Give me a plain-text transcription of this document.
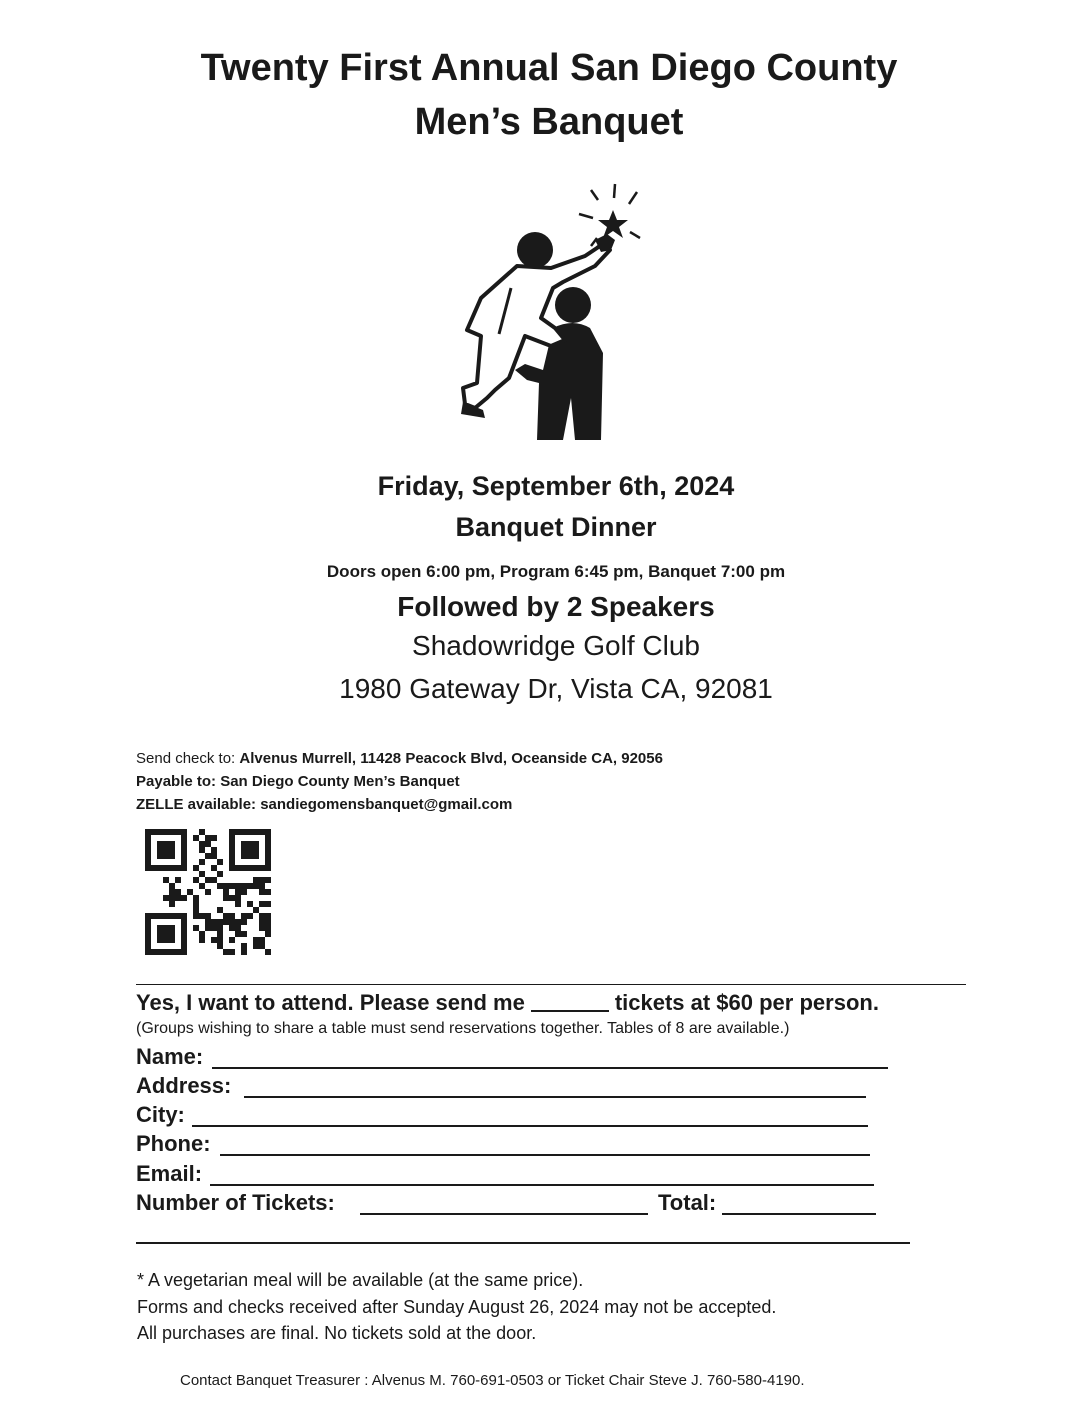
Twenty First Annual San Diego County
Men’s Banquet
Friday, September 6th, 2024
Banquet Dinner
Doors open 6:00 pm, Program 6:45 pm, Banquet 7:00 pm
Followed by 2 Speakers
Shadowridge Golf Club
1980 Gateway Dr, Vista CA, 92081
Send check to: Alvenus Murrell, 11428 Peacock Blvd, Oceanside CA, 92056
Payable to: San Diego County Men’s Banquet
ZELLE available: sandiegomensbanquet@gmail.com
Yes, I want to attend. Please send me	tickets at $60 per person.
(Groups wishing to share a table must send reservations together. Tables of 8 are available.)
Name:
Address:
City:
Phone:
Email:
Number of Tickets:	Total:
* A vegetarian meal will be available (at the same price).
Forms and checks received after Sunday August 26, 2024 may not be accepted.
All purchases are final. No tickets sold at the door.
Contact Banquet Treasurer : Alvenus M. 760-691-0503 or Ticket Chair Steve J. 760-580-4190.
